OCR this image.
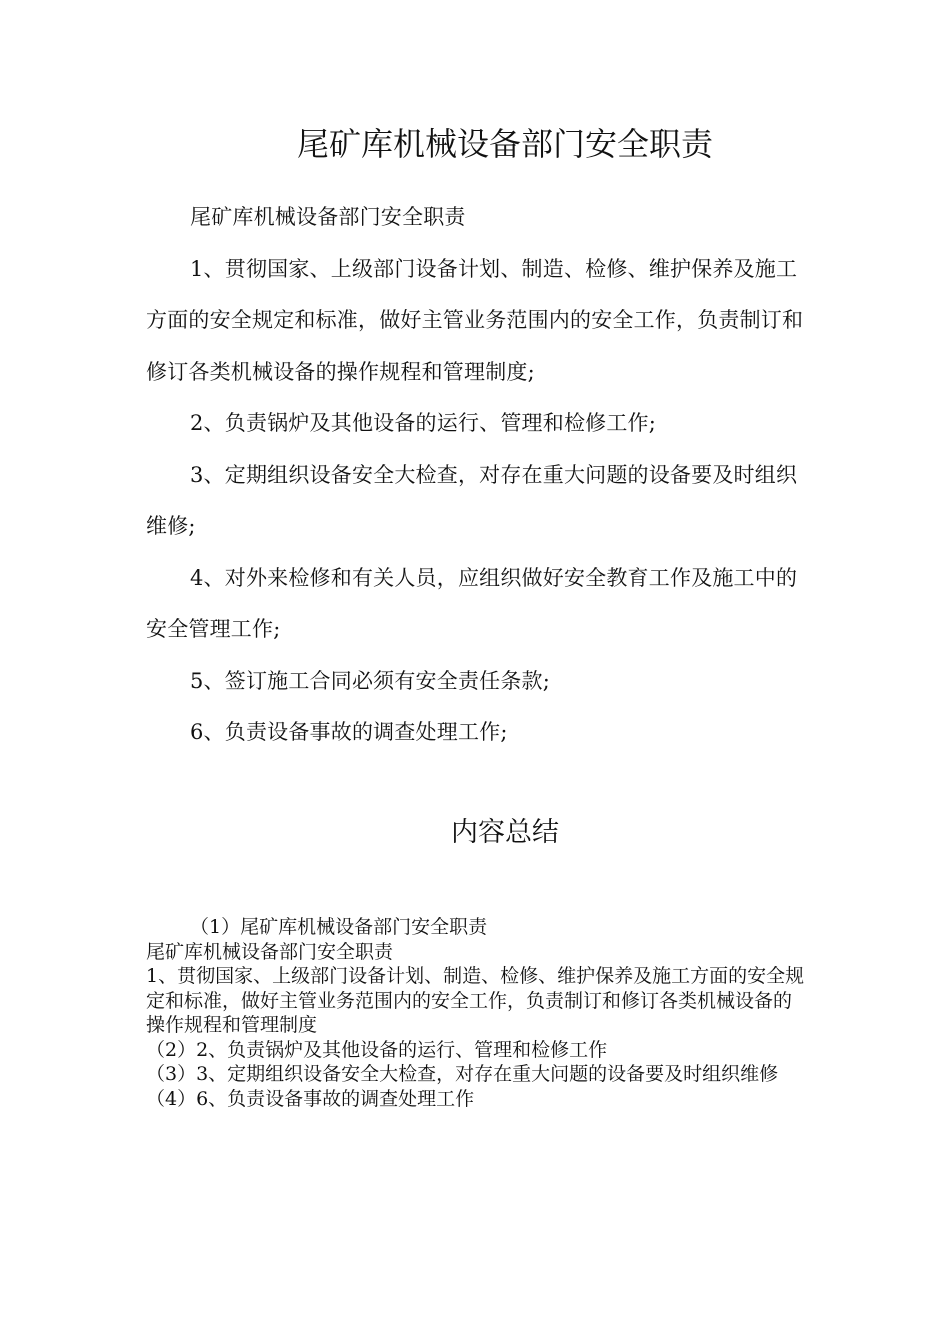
尾矿库机械设备部门安全职责

尾矿库机械设备部门安全职责

1、贯彻国家、上级部门设备计划、制造、检修、维护保养及施工方面的安全规定和标准，做好主管业务范围内的安全工作，负责制订和修订各类机械设备的操作规程和管理制度;

2、负责锅炉及其他设备的运行、管理和检修工作;

3、定期组织设备安全大检查，对存在重大问题的设备要及时组织维修;

4、对外来检修和有关人员，应组织做好安全教育工作及施工中的安全管理工作;

5、签订施工合同必须有安全责任条款;

6、负责设备事故的调查处理工作;

内容总结

（1）尾矿库机械设备部门安全职责

尾矿库机械设备部门安全职责

1、贯彻国家、上级部门设备计划、制造、检修、维护保养及施工方面的安全规定和标准，做好主管业务范围内的安全工作，负责制订和修订各类机械设备的操作规程和管理制度

（2）2、负责锅炉及其他设备的运行、管理和检修工作

（3）3、定期组织设备安全大检查，对存在重大问题的设备要及时组织维修

（4）6、负责设备事故的调查处理工作
